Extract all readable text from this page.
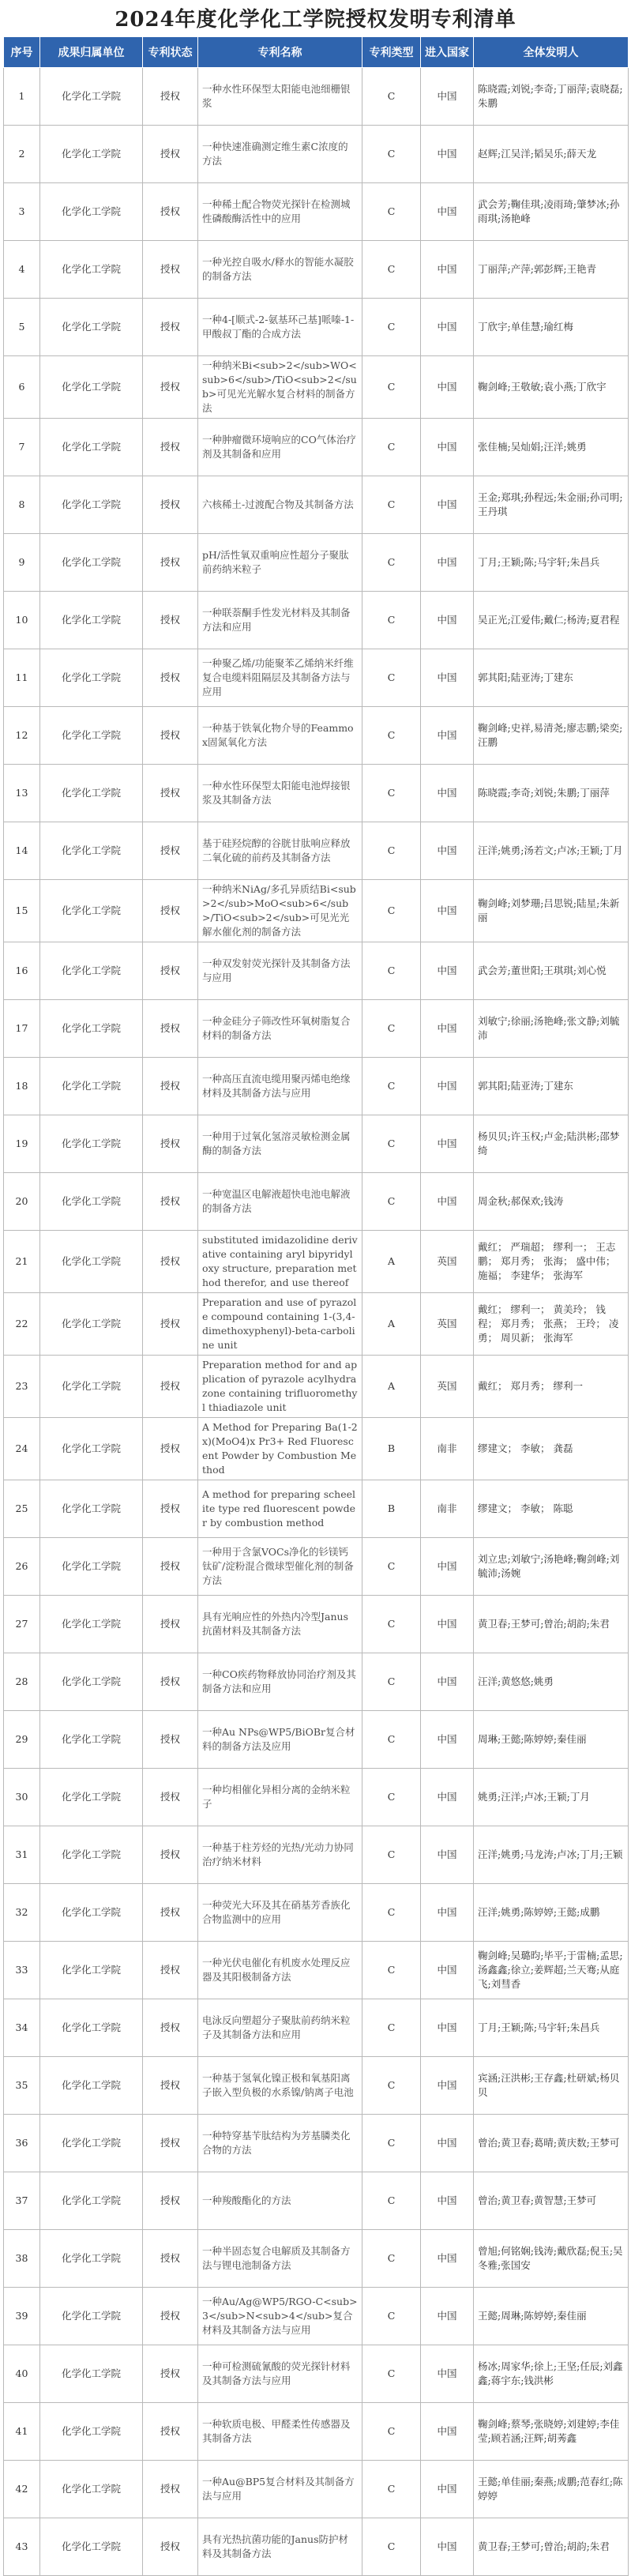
2024年度化学化工学院授权发明专利清单
序号	成果归属单位	专利状态	专利名称	专利类型	进入国家	全体发明人
1	化学化工学院	授权	一种水性环保型太阳能电池细栅银浆	C	中国	陈晓霞;刘锐;李奇;丁丽萍;袁晓磊;朱鹏
2	化学化工学院	授权	一种快速准确测定维生素C浓度的方法	C	中国	赵辉;江吴洋;韬吴乐;薛天龙
3	化学化工学院	授权	一种稀土配合物荧光探针在检测城性磷酸酶活性中的应用	C	中国	武会芳;鞠佳琪;凌雨琦;肇梦冰;孙雨琪;汤艳峰
4	化学化工学院	授权	一种光控自吸水/释水的智能水凝胶的制备方法	C	中国	丁丽萍;产萍;郭彭辉;王艳青
5	化学化工学院	授权	一种4-[顺式-2-氨基环己基]哌嗪-1-甲酸叔丁酯的合成方法	C	中国	丁欣宇;单佳慧;瑜红梅
6	化学化工学院	授权	一种纳米Bi<sub>2</sub>WO<sub>6</sub>/TiO<sub>2</sub>可见光光解水复合材料的制备方法	C	中国	鞠剑峰;王敬敏;袁小燕;丁欣宇
7	化学化工学院	授权	一种肿瘤微环境响应的CO气体治疗剂及其制备和应用	C	中国	张佳楠;吴灿娟;汪洋;姚勇
8	化学化工学院	授权	六核稀土-过渡配合物及其制备方法	C	中国	王金;郑琪;孙程远;朱金丽;孙司明;王丹琪
9	化学化工学院	授权	pH/活性氧双重响应性超分子聚肽前药纳米粒子	C	中国	丁月;王颖;陈;马宇轩;朱昌兵
10	化学化工学院	授权	一种联萘酮手性发光材料及其制备方法和应用	C	中国	吴正光;江爱伟;戴仁;杨涛;夏君程
11	化学化工学院	授权	一种聚乙烯/功能聚苯乙烯纳米纤维复合电缆料阻隔层及其制备方法与应用	C	中国	郭其阳;陆亚涛;丁建东
12	化学化工学院	授权	一种基于铁氧化物介导的Feammox固氮氧化方法	C	中国	鞠剑峰;史祥,易清尧;廖志鹏;梁奕;汪鹏
13	化学化工学院	授权	一种水性环保型太阳能电池焊接银浆及其制备方法	C	中国	陈晓霞;李奇;刘锐;朱鹏;丁丽萍
14	化学化工学院	授权	基于硅羟烷醇的谷胱甘肽响应释放二氧化硫的前药及其制备方法	C	中国	汪洋;姚勇;汤若文;卢冰;王颖;丁月
15	化学化工学院	授权	一种纳米NiAg/多孔异质结Bi<sub>2</sub>MoO<sub>6</sub>/TiO<sub>2</sub>可见光光解水催化剂的制备方法	C	中国	鞠剑峰;刘梦珊;吕思锐;陆星;朱新丽
16	化学化工学院	授权	一种双发射荧光探针及其制备方法与应用	C	中国	武会芳;董世阳;王琪琪;刘心悦
17	化学化工学院	授权	一种金硅分子筛改性环氧树脂复合材料的制备方法	C	中国	刘敏宁;徐丽;汤艳峰;张文静;刘毓沛
18	化学化工学院	授权	一种高压直流电缆用聚丙烯电绝缘材料及其制备方法与应用	C	中国	郭其阳;陆亚涛;丁建东
19	化学化工学院	授权	一种用于过氧化氢溶灵敏检测金属酶的制备方法	C	中国	杨贝贝;许玉权;卢金;陆洪彬;邵梦绮
20	化学化工学院	授权	一种宽温区电解液超快电池电解液的制备方法	C	中国	周金秋;郝保欢;钱涛
21	化学化工学院	授权	substituted imidazolidine derivative containing aryl bipyridyloxy structure, preparation method therefor, and use thereof	A	英国	戴红； 严瑞超； 缪利一； 王志鹏； 郑月秀； 张海； 盛中伟； 施福； 李建华； 张海军
22	化学化工学院	授权	Preparation and use of pyrazole compound containing 1-(3,4-dimethoxyphenyl)-beta-carboline unit	A	英国	戴红； 缪利一； 黄美玲； 钱程； 郑月秀； 张燕； 王玲； 凌勇； 周贝新； 张海军
23	化学化工学院	授权	Preparation method for and application of pyrazole acylhydrazone containing trifluoromethyl thiadiazole unit	A	英国	戴红； 郑月秀； 缪利一
24	化学化工学院	授权	A Method for Preparing Ba(1-2x)(MoO4)x Pr3+ Red Fluorescent Powder by Combustion Method	B	南非	缪建文； 李敏； 龚磊
25	化学化工学院	授权	A method for preparing scheelite type red fluorescent powder by combustion method	B	南非	缪建文； 李敏； 陈聪
26	化学化工学院	授权	一种用于含氯VOCs净化的钐镁钙钛矿/淀粉混合微球型催化剂的制备方法	C	中国	刘立忠;刘敏宁;汤艳峰;鞠剑峰;刘毓沛;汤婉
27	化学化工学院	授权	具有光响应性的外热内冷型Janus抗菌材料及其制备方法	C	中国	黄卫春;王梦可;曾治;胡韵;朱君
28	化学化工学院	授权	一种CO疾药物释放协同治疗剂及其制备方法和应用	C	中国	汪洋;黄悠悠;姚勇
29	化学化工学院	授权	一种Au NPs@WP5/BiOBr复合材料的制备方法及应用	C	中国	周琳;王懿;陈婷婷;秦佳丽
30	化学化工学院	授权	一种均相催化异相分离的金纳米粒子	C	中国	姚勇;汪洋;卢冰;王颖;丁月
31	化学化工学院	授权	一种基于柱芳烃的光热/光动力协同治疗纳米材料	C	中国	汪洋;姚勇;马龙涛;卢冰;丁月;王颖
32	化学化工学院	授权	一种荧光大环及其在硝基芳香族化合物监测中的应用	C	中国	汪洋;姚勇;陈婷婷;王懿;成鹏
33	化学化工学院	授权	一种光伏电催化有机废水处理反应器及其阳极制备方法	C	中国	鞠剑峰;吴璐昀;毕平;于雷楠;孟思;汤鑫鑫;徐立;姜辉超;兰天骞;从庭飞;刘彗香
34	化学化工学院	授权	电泳反向塑超分子聚肽前药纳米粒子及其制备方法和应用	C	中国	丁月;王颖;陈;马宇轩;朱昌兵
35	化学化工学院	授权	一种基于氢氧化镍正极和氧基阳离子嵌入型负极的水系镍/钠离子电池	C	中国	宾涵;汪洪彬;王存鑫;杜研斌;杨贝贝
36	化学化工学院	授权	一种特穿基苄肽结构为芳基膦类化合物的方法	C	中国	曾治;黄卫春;葛晴;黄庆数;王梦可
37	化学化工学院	授权	一种羧酸酯化的方法	C	中国	曾治;黄卫春;黄智慧;王梦可
38	化学化工学院	授权	一种半固态复合电解质及其制备方法与锂电池制备方法	C	中国	曾旭;何铭娴;钱涛;戴欣磊;倪玉;吴冬雅;张国安
39	化学化工学院	授权	一种Au/Ag@WP5/RGO-C<sub>3</sub>N<sub>4</sub>复合材料及其制备方法与应用	C	中国	王懿;周琳;陈婷婷;秦佳丽
40	化学化工学院	授权	一种可检测硫氰酸的荧光探针材料及其制备方法与应用	C	中国	杨冰;周家华;徐上;王坚;任辰;刘鑫鑫;蒋宇东;钱洪彬
41	化学化工学院	授权	一种软质电极、甲醛柔性传感器及其制备方法	C	中国	鞠剑峰;蔡琴;张晓婷;刘建婷;李佳莹;顾若涵;汪辉;胡莠鑫
42	化学化工学院	授权	一种Au@BP5复合材料及其制备方法与应用	C	中国	王懿;单佳丽;秦燕;成鹏;范春红;陈婷婷
43	化学化工学院	授权	具有光热抗菌功能的Janus防护材料及其制备方法	C	中国	黄卫春;王梦可;曾治;胡韵;朱君
